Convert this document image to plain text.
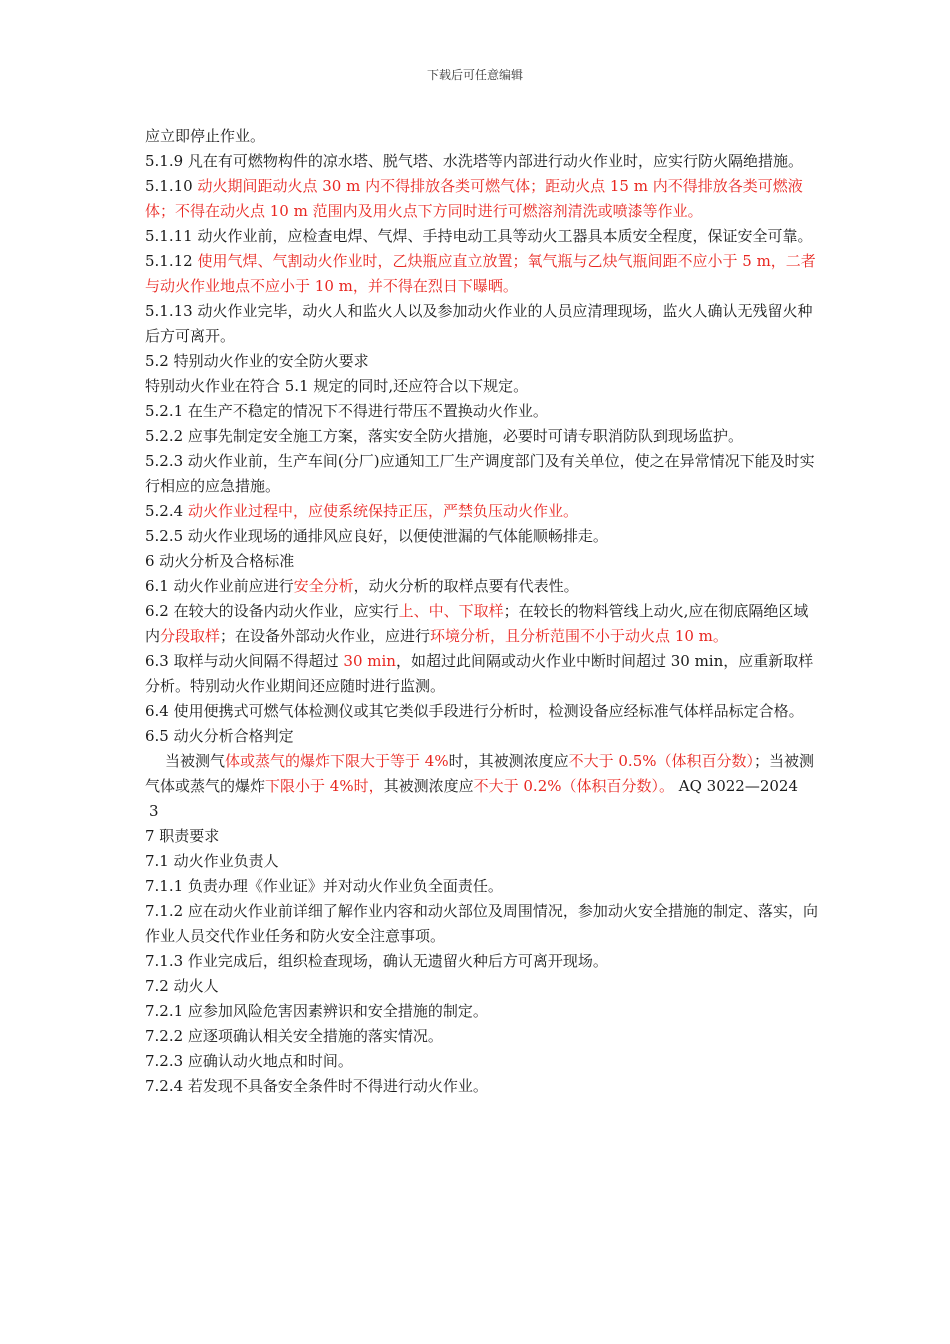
下载后可任意编辑

应立即停止作业。

5.1.9 凡在有可燃物构件的凉水塔、脱气塔、水洗塔等内部进行动火作业时，应实行防火隔绝措施。

5.1.10 动火期间距动火点 30 m 内不得排放各类可燃气体；距动火点 15 m 内不得排放各类可燃液体；不得在动火点 10 m 范围内及用火点下方同时进行可燃溶剂清洗或喷漆等作业。

5.1.11 动火作业前，应检查电焊、气焊、手持电动工具等动火工器具本质安全程度，保证安全可靠。

5.1.12 使用气焊、气割动火作业时，乙炔瓶应直立放置；氧气瓶与乙炔气瓶间距不应小于 5 m，二者与动火作业地点不应小于 10 m，并不得在烈日下曝晒。

5.1.13 动火作业完毕，动火人和监火人以及参加动火作业的人员应清理现场，监火人确认无残留火种后方可离开。

5.2 特别动火作业的安全防火要求

特别动火作业在符合 5.1 规定的同时,还应符合以下规定。

5.2.1 在生产不稳定的情况下不得进行带压不置换动火作业。

5.2.2 应事先制定安全施工方案，落实安全防火措施，必要时可请专职消防队到现场监护。

5.2.3 动火作业前，生产车间(分厂)应通知工厂生产调度部门及有关单位，使之在异常情况下能及时实行相应的应急措施。

5.2.4 动火作业过程中，应使系统保持正压，严禁负压动火作业。

5.2.5 动火作业现场的通排风应良好，以便使泄漏的气体能顺畅排走。

6 动火分析及合格标准

6.1 动火作业前应进行安全分析，动火分析的取样点要有代表性。

6.2 在较大的设备内动火作业，应实行上、中、下取样；在较长的物料管线上动火,应在彻底隔绝区域内分段取样；在设备外部动火作业，应进行环境分析，且分析范围不小于动火点 10 m。

6.3 取样与动火间隔不得超过 30 min，如超过此间隔或动火作业中断时间超过 30 min，应重新取样分析。特别动火作业期间还应随时进行监测。

6.4 使用便携式可燃气体检测仪或其它类似手段进行分析时，检测设备应经标准气体样品标定合格。

6.5 动火分析合格判定

当被测气体或蒸气的爆炸下限大于等于 4%时，其被测浓度应不大于 0.5%（体积百分数）；当被测气体或蒸气的爆炸下限小于 4%时，其被测浓度应不大于 0.2%（体积百分数）。 AQ 3022—2024

3

7 职责要求

7.1 动火作业负责人

7.1.1 负责办理《作业证》并对动火作业负全面责任。

7.1.2 应在动火作业前详细了解作业内容和动火部位及周围情况，参加动火安全措施的制定、落实，向作业人员交代作业任务和防火安全注意事项。

7.1.3 作业完成后，组织检查现场，确认无遗留火种后方可离开现场。

7.2 动火人

7.2.1 应参加风险危害因素辨识和安全措施的制定。

7.2.2 应逐项确认相关安全措施的落实情况。

7.2.3 应确认动火地点和时间。

7.2.4 若发现不具备安全条件时不得进行动火作业。
